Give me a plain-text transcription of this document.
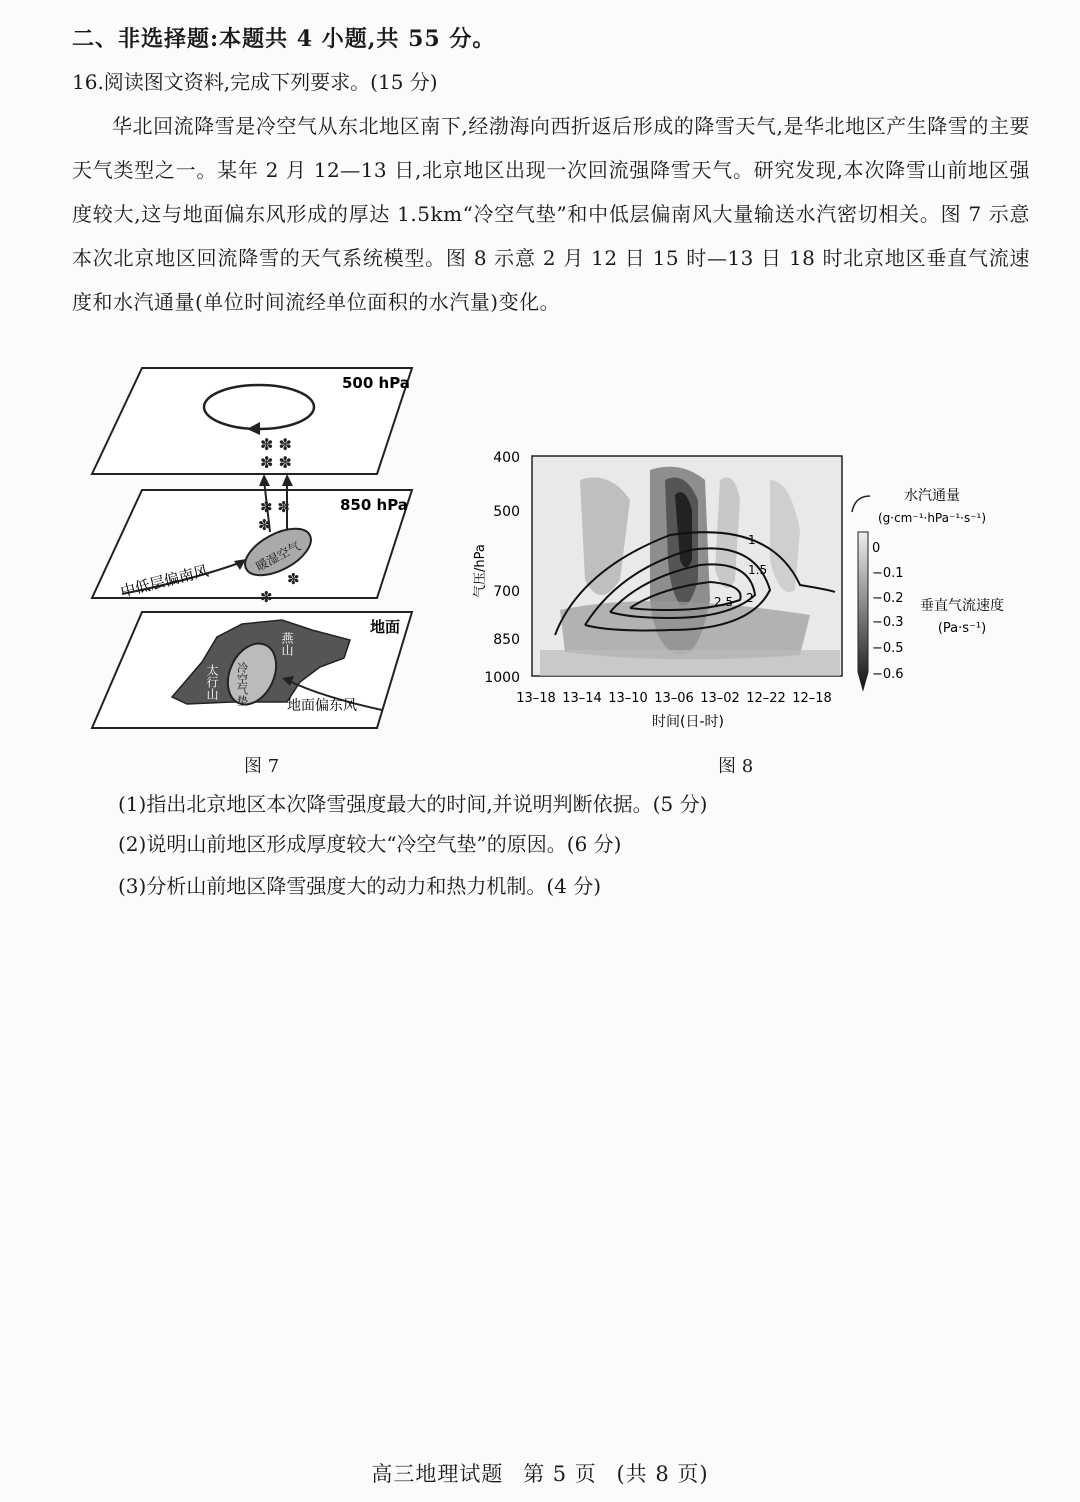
二、非选择题:本题共 4 小题,共 55 分。
16.阅读图文资料,完成下列要求。(15 分)
华北回流降雪是冷空气从东北地区南下,经渤海向西折返后形成的降雪天气,是华北地区产生降雪的主要天气类型之一。某年 2 月 12—13 日,北京地区出现一次回流强降雪天气。研究发现,本次降雪山前地区强度较大,这与地面偏东风形成的厚达 1.5km“冷空气垫”和中低层偏南风大量输送水汽密切相关。图 7 示意本次北京地区回流降雪的天气系统模型。图 8 示意 2 月 12 日 15 时—13 日 18 时北京地区垂直气流速度和水汽通量(单位时间流经单位面积的水汽量)变化。
500 hPa
✽ ✽
✽ ✽
850 hPa
✽ ✽
✽
✽
✽
暖湿空气
中低层偏南风
地面
冷空气垫
太行山
燕山
地面偏东风
图 7
1
1.5
2
2.5
400
500
700
850
1000
气压/hPa
13–18 13–14 13–10 13–06 13–02 12–22 12–18
时间(日-时)
水汽通量
(g·cm⁻¹·hPa⁻¹·s⁻¹)
0
−0.1
−0.2
−0.3
−0.5
−0.6
垂直气流速度
(Pa·s⁻¹)
图 8
(1)指出北京地区本次降雪强度最大的时间,并说明判断依据。(5 分)
(2)说明山前地区形成厚度较大“冷空气垫”的原因。(6 分)
(3)分析山前地区降雪强度大的动力和热力机制。(4 分)
高三地理试题 第 5 页 (共 8 页)
